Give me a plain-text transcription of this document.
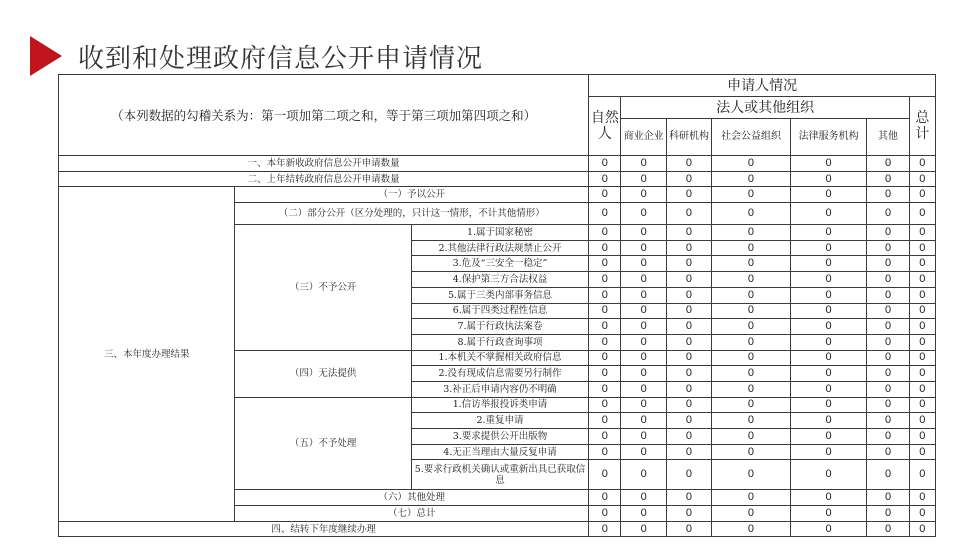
收到和处理政府信息公开申请情况
（本列数据的勾稽关系为：第一项加第二项之和，等于第三项加第四项之和）			申请人情况						
			自然人	法人或其他组织					总计
				商业企业	科研机构	社会公益组织	法律服务机构	其他	
一、本年新收政府信息公开申请数量			0	0	0	0	0	0	0
二、上年结转政府信息公开申请数量			0	0	0	0	0	0	0
三、本年度办理结果	（一）予以公开		0	0	0	0	0	0	0
	（二）部分公开（区分处理的，只计这一情形，不计其他情形）		0	0	0	0	0	0	0
	（三）不予公开	1.属于国家秘密	0	0	0	0	0	0	0
		2.其他法律行政法规禁止公开	0	0	0	0	0	0	0
		3.危及“三安全一稳定”	0	0	0	0	0	0	0
		4.保护第三方合法权益	0	0	0	0	0	0	0
		5.属于三类内部事务信息	0	0	0	0	0	0	0
		6.属于四类过程性信息	0	0	0	0	0	0	0
		7.属于行政执法案卷	0	0	0	0	0	0	0
		8.属于行政查询事项	0	0	0	0	0	0	0
	（四）无法提供	1.本机关不掌握相关政府信息	0	0	0	0	0	0	0
		2.没有现成信息需要另行制作	0	0	0	0	0	0	0
		3.补正后申请内容仍不明确	0	0	0	0	0	0	0
	（五）不予处理	1.信访举报投诉类申请	0	0	0	0	0	0	0
		2.重复申请	0	0	0	0	0	0	0
		3.要求提供公开出版物	0	0	0	0	0	0	0
		4.无正当理由大量反复申请	0	0	0	0	0	0	0
		5.要求行政机关确认或重新出具已获取信息	0	0	0	0	0	0	0
	（六）其他处理		0	0	0	0	0	0	0
	（七）总计		0	0	0	0	0	0	0
四、结转下年度继续办理			0	0	0	0	0	0	0
